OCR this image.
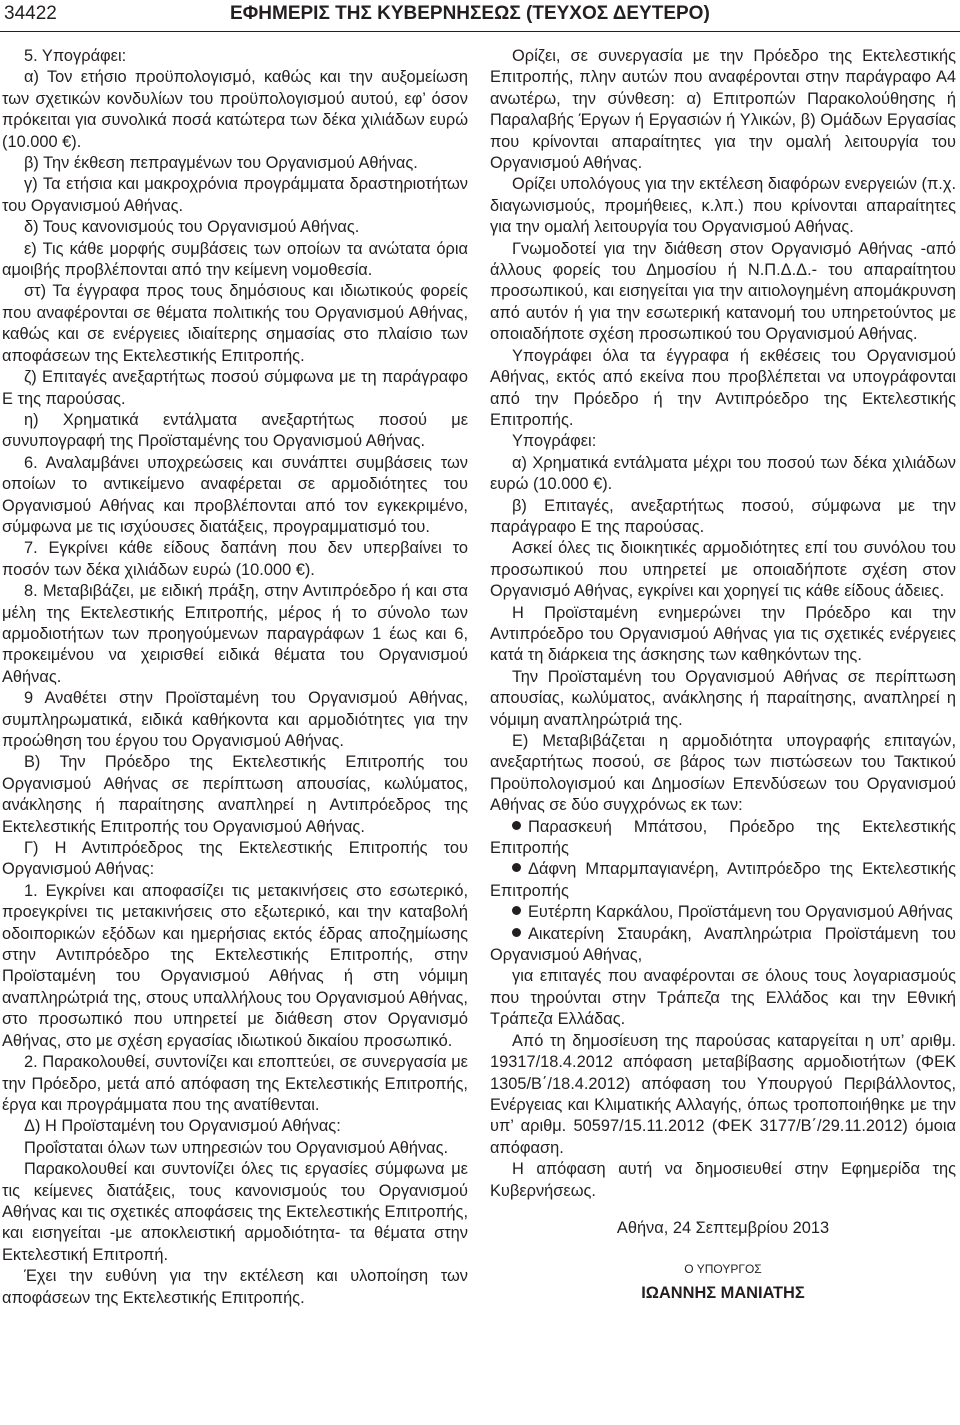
34422	ΕΦΗΜΕΡΙΣ ΤΗΣ ΚΥΒΕΡΝΗΣΕΩΣ (ΤΕΥΧΟΣ ΔΕΥΤΕΡΟ)

5. Υπογράφει:

α) Τον ετήσιο προϋπολογισμό, καθώς και την αυξομείωση των σχετικών κονδυλίων του προϋπολογισμού αυτού, εφ’ όσον πρόκειται για συνολικά ποσά κατώτερα των δέκα χιλιάδων ευρώ (10.000 €).

β) Την έκθεση πεπραγμένων του Οργανισμού Αθήνας.

γ) Τα ετήσια και μακροχρόνια προγράμματα δραστηριοτήτων του Οργανισμού Αθήνας.

δ) Τους κανονισμούς του Οργανισμού Αθήνας.

ε) Τις κάθε μορφής συμβάσεις των οποίων τα ανώτατα όρια αμοιβής προβλέπονται από την κείμενη νομοθεσία.

στ) Τα έγγραφα προς τους δημόσιους και ιδιωτικούς φορείς που αναφέρονται σε θέματα πολιτικής του Οργανισμού Αθήνας, καθώς και σε ενέργειες ιδιαίτερης σημασίας στο πλαίσιο των αποφάσεων της Εκτελεστικής Επιτροπής.

ζ) Επιταγές ανεξαρτήτως ποσού σύμφωνα με τη παράγραφο Ε της παρούσας.

η) Χρηματικά εντάλματα ανεξαρτήτως ποσού με συνυπογραφή της Προϊσταμένης του Οργανισμού Αθήνας.

6. Αναλαμβάνει υποχρεώσεις και συνάπτει συμβάσεις των οποίων το αντικείμενο αναφέρεται σε αρμοδιότητες του Οργανισμού Αθήνας και προβλέπονται από τον εγκεκριμένο, σύμφωνα με τις ισχύουσες διατάξεις, προγραμματισμό του.

7. Εγκρίνει κάθε είδους δαπάνη που δεν υπερβαίνει το ποσόν των δέκα χιλιάδων ευρώ (10.000 €).

8. Μεταβιβάζει, με ειδική πράξη, στην Αντιπρόεδρο ή και στα μέλη της Εκτελεστικής Επιτροπής, μέρος ή το σύνολο των αρμοδιοτήτων των προηγούμενων παραγράφων 1 έως και 6, προκειμένου να χειρισθεί ειδικά θέματα του Οργανισμού Αθήνας.

9 Αναθέτει στην Προϊσταμένη του Οργανισμού Αθήνας, συμπληρωματικά, ειδικά καθήκοντα και αρμοδιότητες για την προώθηση του έργου του Οργανισμού Αθήνας.

Β) Την Πρόεδρο της Εκτελεστικής Επιτροπής του Οργανισμού Αθήνας σε περίπτωση απουσίας, κωλύματος, ανάκλησης ή παραίτησης αναπληρεί η Αντιπρόεδρος της Εκτελεστικής Επιτροπής του Οργανισμού Αθήνας.

Γ) Η Αντιπρόεδρος της Εκτελεστικής Επιτροπής του Οργανισμού Αθήνας:

1. Εγκρίνει και αποφασίζει τις μετακινήσεις στο εσωτερικό, προεγκρίνει τις μετακινήσεις στο εξωτερικό, και την καταβολή οδοιπορικών εξόδων και ημερήσιας εκτός έδρας αποζημίωσης στην Αντιπρόεδρο της Εκτελεστικής Επιτροπής, στην Προϊσταμένη του Οργανισμού Αθήνας ή στη νόμιμη αναπληρώτριά της, στους υπαλλήλους του Οργανισμού Αθήνας, στο προσωπικό που υπηρετεί με διάθεση στον Οργανισμό Αθήνας, στο με σχέση εργασίας ιδιωτικού δικαίου προσωπικό.

2. Παρακολουθεί, συντονίζει και εποπτεύει, σε συνεργασία με την Πρόεδρο, μετά από απόφαση της Εκτελεστικής Επιτροπής, έργα και προγράμματα που της ανατίθενται.

Δ) Η Προϊσταμένη του Οργανισμού Αθήνας:

Προΐσταται όλων των υπηρεσιών του Οργανισμού Αθήνας.

Παρακολουθεί και συντονίζει όλες τις εργασίες σύμφωνα με τις κείμενες διατάξεις, τους κανονισμούς του Οργανισμού Αθήνας και τις σχετικές αποφάσεις της Εκτελεστικής Επιτροπής, και εισηγείται -με αποκλειστική αρμοδιότητα- τα θέματα στην Εκτελεστική Επιτροπή.

Έχει την ευθύνη για την εκτέλεση και υλοποίηση των αποφάσεων της Εκτελεστικής Επιτροπής.

Ορίζει, σε συνεργασία με την Πρόεδρο της Εκτελεστικής Επιτροπής, πλην αυτών που αναφέρονται στην παράγραφο Α4 ανωτέρω, την σύνθεση: α) Επιτροπών Παρακολούθησης ή Παραλαβής Έργων ή Εργασιών ή Υλικών, β) Ομάδων Εργασίας που κρίνονται απαραίτητες για την ομαλή λειτουργία του Οργανισμού Αθήνας.

Ορίζει υπολόγους για την εκτέλεση διαφόρων ενεργειών (π.χ. διαγωνισμούς, προμήθειες, κ.λπ.) που κρίνονται απαραίτητες για την ομαλή λειτουργία του Οργανισμού Αθήνας.

Γνωμοδοτεί για την διάθεση στον Οργανισμό Αθήνας -από άλλους φορείς του Δημοσίου ή Ν.Π.Δ.Δ.- του απαραίτητου προσωπικού, και εισηγείται για την αιτιολογημένη απομάκρυνση από αυτόν ή για την εσωτερική κατανομή του υπηρετούντος με οποιαδήποτε σχέση προσωπικού του Οργανισμού Αθήνας.

Υπογράφει όλα τα έγγραφα ή εκθέσεις του Οργανισμού Αθήνας, εκτός από εκείνα που προβλέπεται να υπογράφονται από την Πρόεδρο ή την Αντιπρόεδρο της Εκτελεστικής Επιτροπής.

Υπογράφει:

α) Χρηματικά εντάλματα μέχρι του ποσού των δέκα χιλιάδων ευρώ (10.000 €).

β) Επιταγές, ανεξαρτήτως ποσού, σύμφωνα με την παράγραφο Ε της παρούσας.

Ασκεί όλες τις διοικητικές αρμοδιότητες επί του συνόλου του προσωπικού που υπηρετεί με οποιαδήποτε σχέση στον Οργανισμό Αθήνας, εγκρίνει και χορηγεί τις κάθε είδους άδειες.

Η Προϊσταμένη ενημερώνει την Πρόεδρο και την Αντιπρόεδρο του Οργανισμού Αθήνας για τις σχετικές ενέργειες κατά τη διάρκεια της άσκησης των καθηκόντων της.

Την Προϊσταμένη του Οργανισμού Αθήνας σε περίπτωση απουσίας, κωλύματος, ανάκλησης ή παραίτησης, αναπληρεί η νόμιμη αναπληρώτριά της.

Ε) Μεταβιβάζεται η αρμοδιότητα υπογραφής επιταγών, ανεξαρτήτως ποσού, σε βάρος των πιστώσεων του Τακτικού Προϋπολογισμού και Δημοσίων Επενδύσεων του Οργανισμού Αθήνας σε δύο συγχρόνως εκ των:

Παρασκευή Μπάτσου, Πρόεδρο της Εκτελεστικής Επιτροπής

Δάφνη Μπαρμπαγιανέρη, Αντιπρόεδρο της Εκτελεστικής Επιτροπής

Ευτέρπη Καρκάλου, Προϊστάμενη του Οργανισμού Αθήνας

Αικατερίνη Σταυράκη, Αναπληρώτρια Προϊστάμενη του Οργανισμού Αθήνας,

για επιταγές που αναφέρονται σε όλους τους λογαριασμούς που τηρούνται στην Τράπεζα της Ελλάδος και την Εθνική Τράπεζα Ελλάδας.

Από τη δημοσίευση της παρούσας καταργείται η υπ’ αριθμ. 19317/18.4.2012 απόφαση μεταβίβασης αρμοδιοτήτων (ΦΕΚ 1305/Β΄/18.4.2012) απόφαση του Υπουργού Περιβάλλοντος, Ενέργειας και Κλιματικής Αλλαγής, όπως τροποποιήθηκε με την υπ’ αριθμ. 50597/15.11.2012 (ΦΕΚ 3177/Β΄/29.11.2012) όμοια απόφαση.

Η απόφαση αυτή να δημοσιευθεί στην Εφημερίδα της Κυβερνήσεως.

Αθήνα, 24 Σεπτεμβρίου 2013

Ο ΥΠΟΥΡΓΟΣ

ΙΩΑΝΝΗΣ ΜΑΝΙΑΤΗΣ
